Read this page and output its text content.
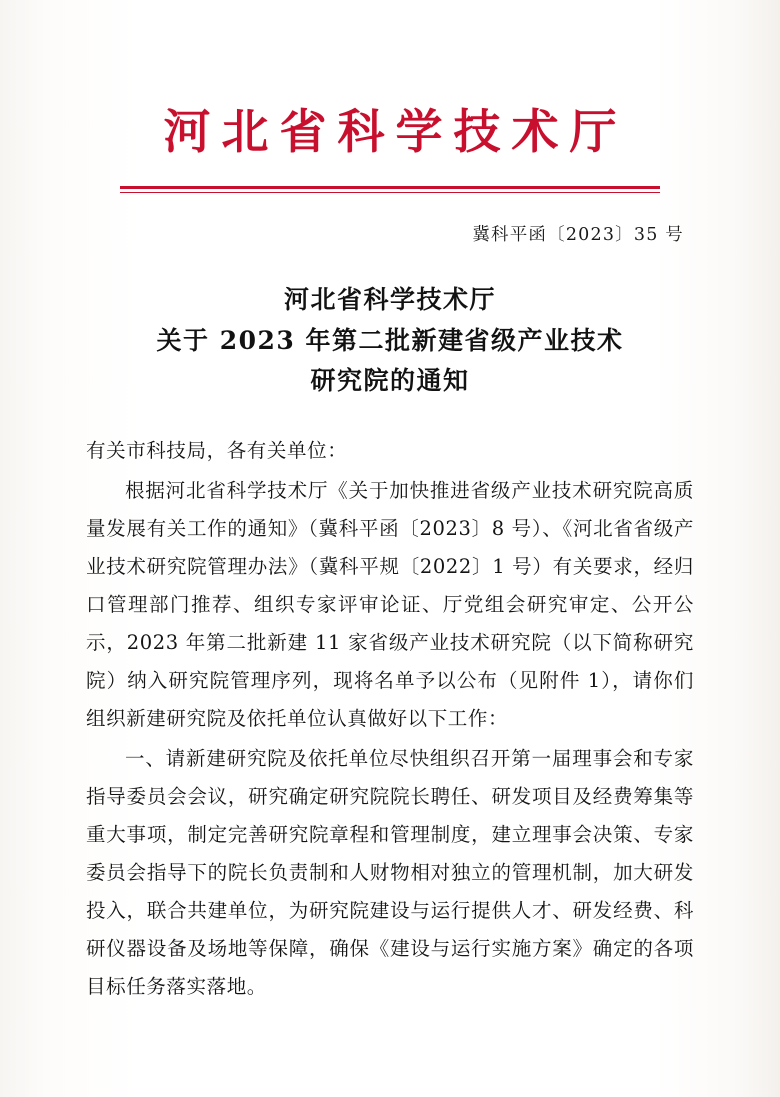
河北省科学技术厅
冀科平函〔2023〕35 号
河北省科学技术厅
关于 2023 年第二批新建省级产业技术
研究院的通知
有关市科技局，各有关单位：
根据河北省科学技术厅《关于加快推进省级产业技术研究院高质量发展有关工作的通知》（冀科平函〔2023〕8 号）、《河北省省级产业技术研究院管理办法》（冀科平规〔2022〕1 号）有关要求，经归口管理部门推荐、组织专家评审论证、厅党组会研究审定、公开公示，2023 年第二批新建 11 家省级产业技术研究院（以下简称研究院）纳入研究院管理序列，现将名单予以公布（见附件 1），请你们组织新建研究院及依托单位认真做好以下工作：
一、请新建研究院及依托单位尽快组织召开第一届理事会和专家指导委员会会议，研究确定研究院院长聘任、研发项目及经费筹集等重大事项，制定完善研究院章程和管理制度，建立理事会决策、专家委员会指导下的院长负责制和人财物相对独立的管理机制，加大研发投入，联合共建单位，为研究院建设与运行提供人才、研发经费、科研仪器设备及场地等保障，确保《建设与运行实施方案》确定的各项目标任务落实落地。
